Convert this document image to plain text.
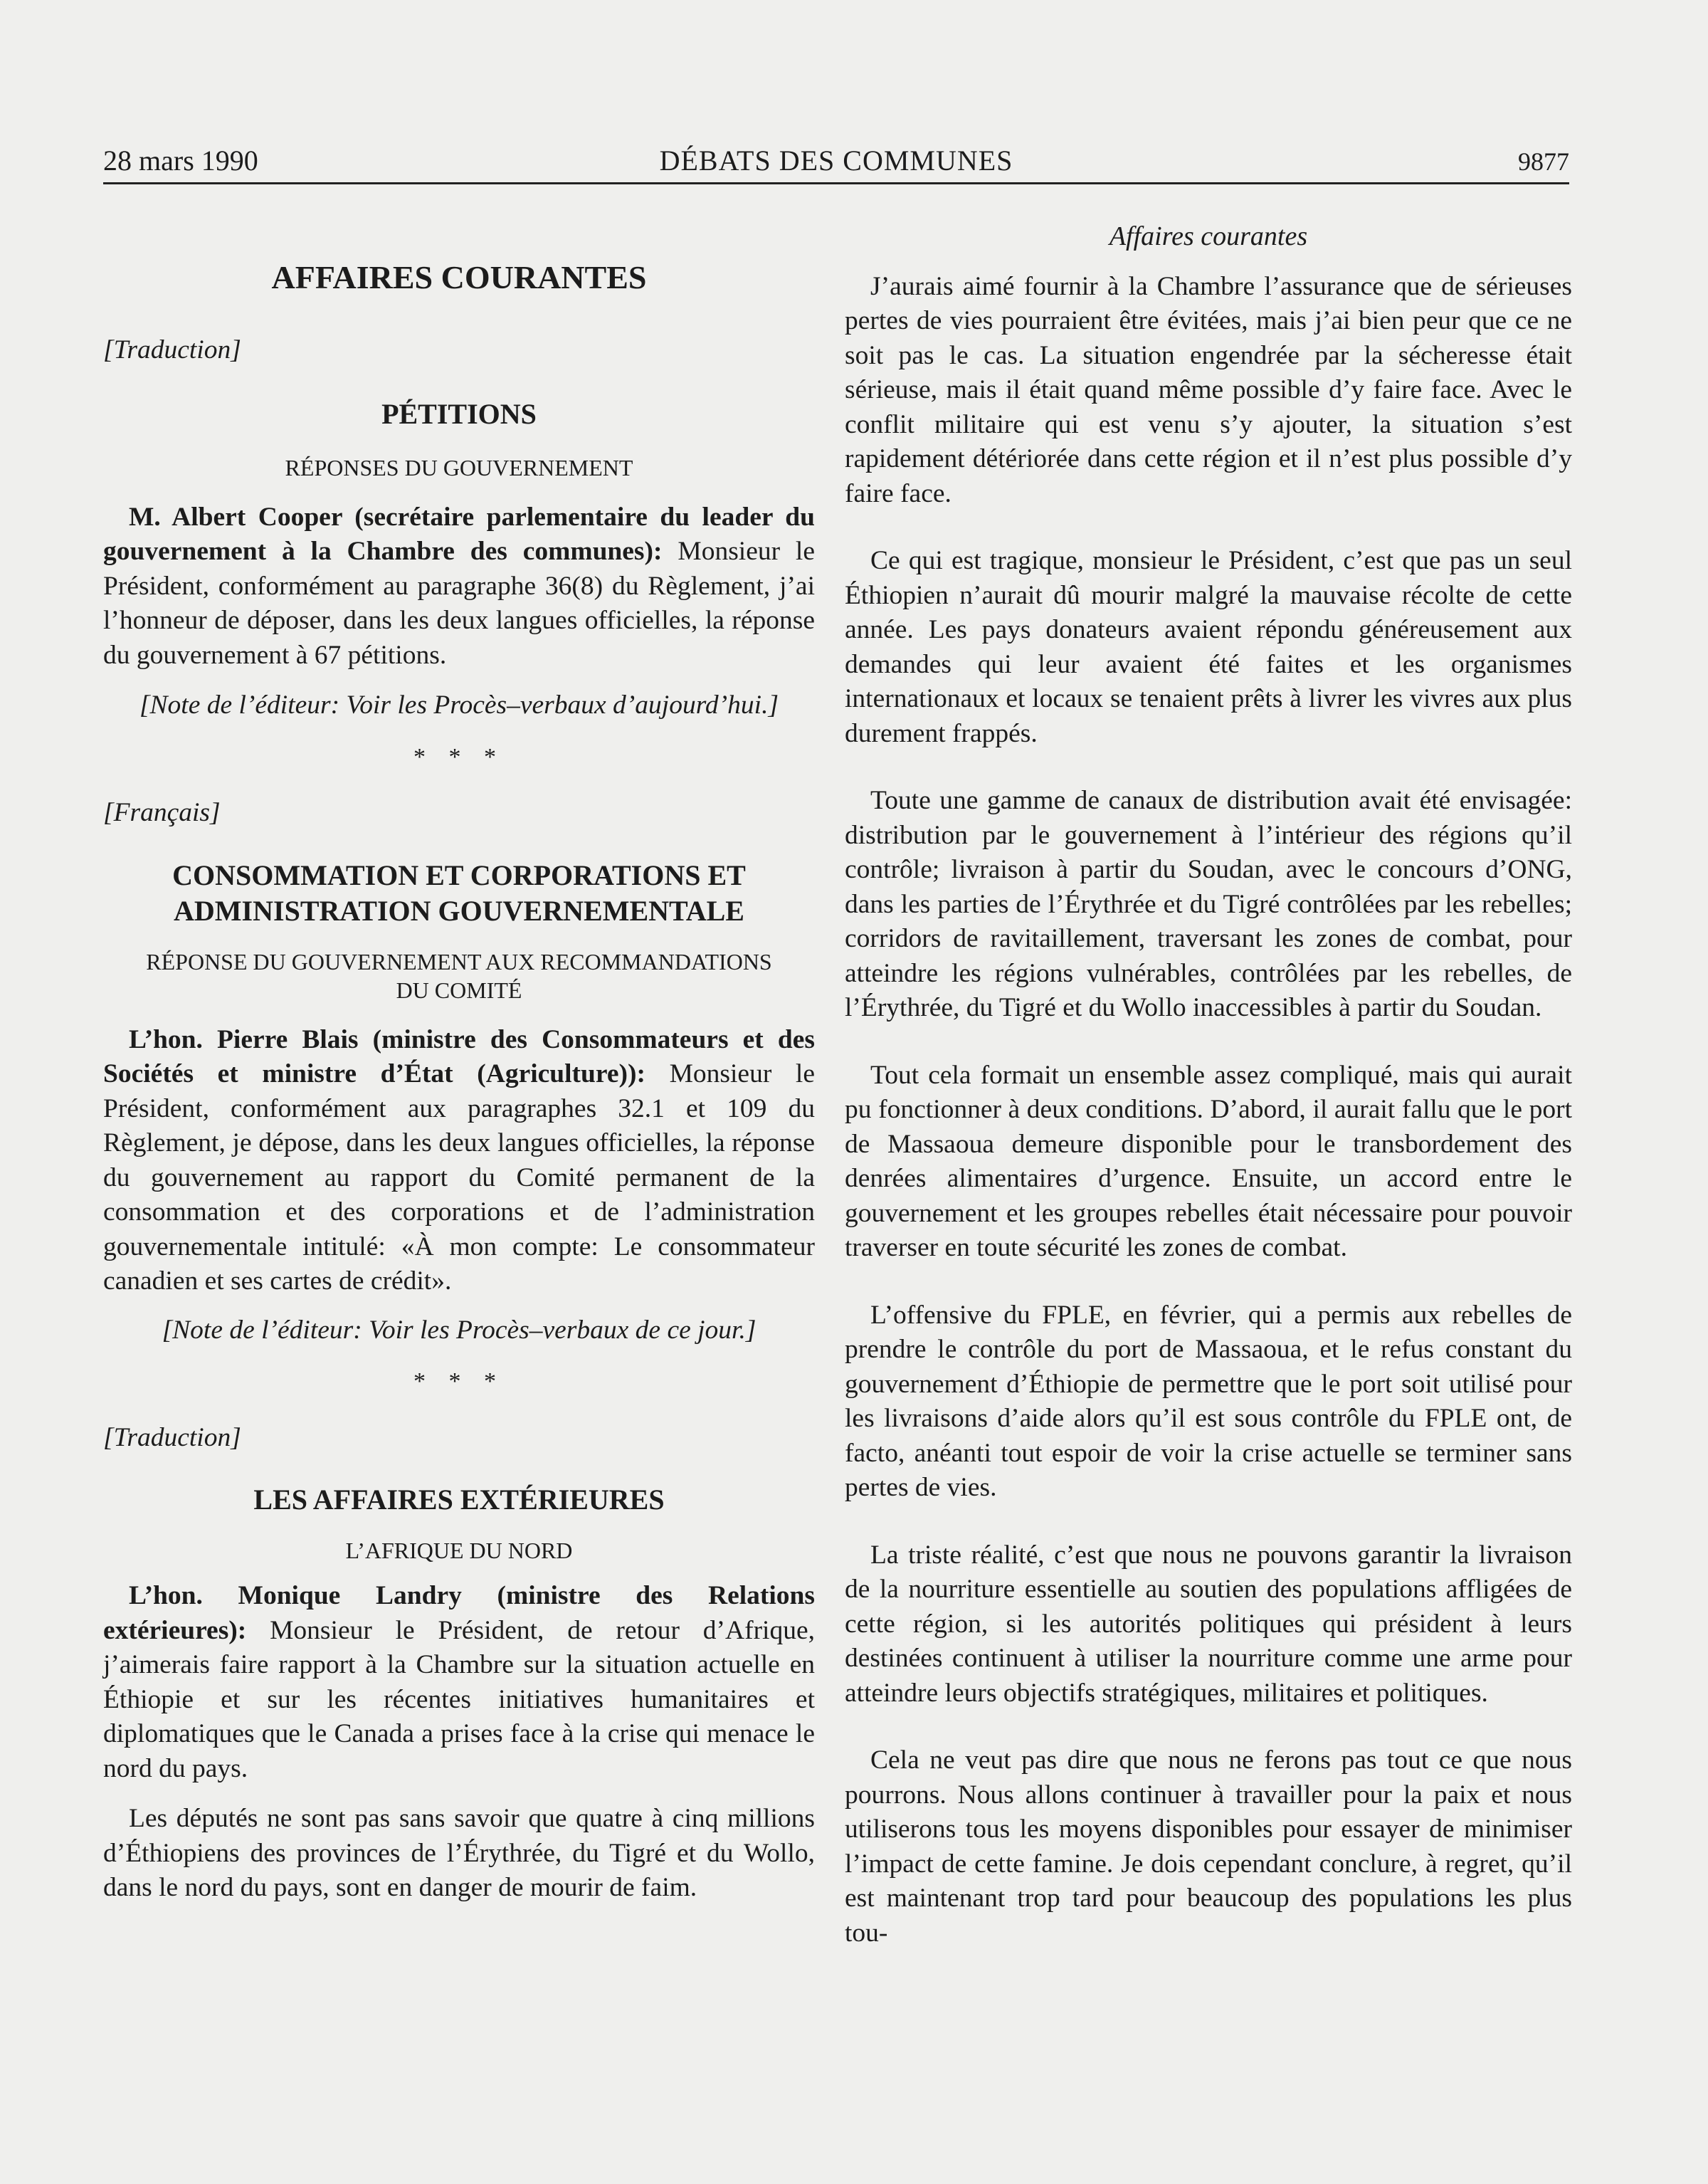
28 mars 1990	DÉBATS DES COMMUNES	9877
AFFAIRES COURANTES

[Traduction]

PÉTITIONS

RÉPONSES DU GOUVERNEMENT

M. Albert Cooper (secrétaire parlementaire du leader du gouvernement à la Chambre des communes): Monsieur le Président, conformément au paragraphe 36(8) du Règlement, j’ai l’honneur de déposer, dans les deux langues officielles, la réponse du gouvernement à 67 pétitions.

[Note de l’éditeur: Voir les Procès–verbaux d’aujourd’hui.]

* * *

[Français]

CONSOMMATION ET CORPORATIONS ET
ADMINISTRATION GOUVERNEMENTALE

RÉPONSE DU GOUVERNEMENT AUX RECOMMANDATIONS

DU COMITÉ

L’hon. Pierre Blais (ministre des Consommateurs et des Sociétés et ministre d’État (Agriculture)): Monsieur le Président, conformément aux paragraphes 32.1 et 109 du Règlement, je dépose, dans les deux langues officielles, la réponse du gouvernement au rapport du Comité permanent de la consommation et des corporations et de l’administration gouvernementale intitulé: «À mon compte: Le consommateur canadien et ses cartes de crédit».

[Note de l’éditeur: Voir les Procès–verbaux de ce jour.]

* * *

[Traduction]

LES AFFAIRES EXTÉRIEURES

L’AFRIQUE DU NORD

L’hon. Monique Landry (ministre des Relations extérieures): Monsieur le Président, de retour d’Afrique, j’aimerais faire rapport à la Chambre sur la situation actuelle en Éthiopie et sur les récentes initiatives humanitaires et diplomatiques que le Canada a prises face à la crise qui menace le nord du pays.

Les députés ne sont pas sans savoir que quatre à cinq millions d’Éthiopiens des provinces de l’Érythrée, du Tigré et du Wollo, dans le nord du pays, sont en danger de mourir de faim.

Affaires courantes

J’aurais aimé fournir à la Chambre l’assurance que de sérieuses pertes de vies pourraient être évitées, mais j’ai bien peur que ce ne soit pas le cas. La situation engendrée par la sécheresse était sérieuse, mais il était quand même possible d’y faire face. Avec le conflit militaire qui est venu s’y ajouter, la situation s’est rapidement détériorée dans cette région et il n’est plus possible d’y faire face.

Ce qui est tragique, monsieur le Président, c’est que pas un seul Éthiopien n’aurait dû mourir malgré la mauvaise récolte de cette année. Les pays donateurs avaient répondu généreusement aux demandes qui leur avaient été faites et les organismes internationaux et locaux se tenaient prêts à livrer les vivres aux plus durement frappés.

Toute une gamme de canaux de distribution avait été envisagée: distribution par le gouvernement à l’intérieur des régions qu’il contrôle; livraison à partir du Soudan, avec le concours d’ONG, dans les parties de l’Érythrée et du Tigré contrôlées par les rebelles; corridors de ravitaillement, traversant les zones de combat, pour atteindre les régions vulnérables, contrôlées par les rebelles, de l’Érythrée, du Tigré et du Wollo inaccessibles à partir du Soudan.

Tout cela formait un ensemble assez compliqué, mais qui aurait pu fonctionner à deux conditions. D’abord, il aurait fallu que le port de Massaoua demeure disponible pour le transbordement des denrées alimentaires d’urgence. Ensuite, un accord entre le gouvernement et les groupes rebelles était nécessaire pour pouvoir traverser en toute sécurité les zones de combat.

L’offensive du FPLE, en février, qui a permis aux rebelles de prendre le contrôle du port de Massaoua, et le refus constant du gouvernement d’Éthiopie de permettre que le port soit utilisé pour les livraisons d’aide alors qu’il est sous contrôle du FPLE ont, de facto, anéanti tout espoir de voir la crise actuelle se terminer sans pertes de vies.

La triste réalité, c’est que nous ne pouvons garantir la livraison de la nourriture essentielle au soutien des populations affligées de cette région, si les autorités politiques qui président à leurs destinées continuent à utiliser la nourriture comme une arme pour atteindre leurs objectifs stratégiques, militaires et politiques.

Cela ne veut pas dire que nous ne ferons pas tout ce que nous pourrons. Nous allons continuer à travailler pour la paix et nous utiliserons tous les moyens disponibles pour essayer de minimiser l’impact de cette famine. Je dois cependant conclure, à regret, qu’il est maintenant trop tard pour beaucoup des populations les plus tou-
